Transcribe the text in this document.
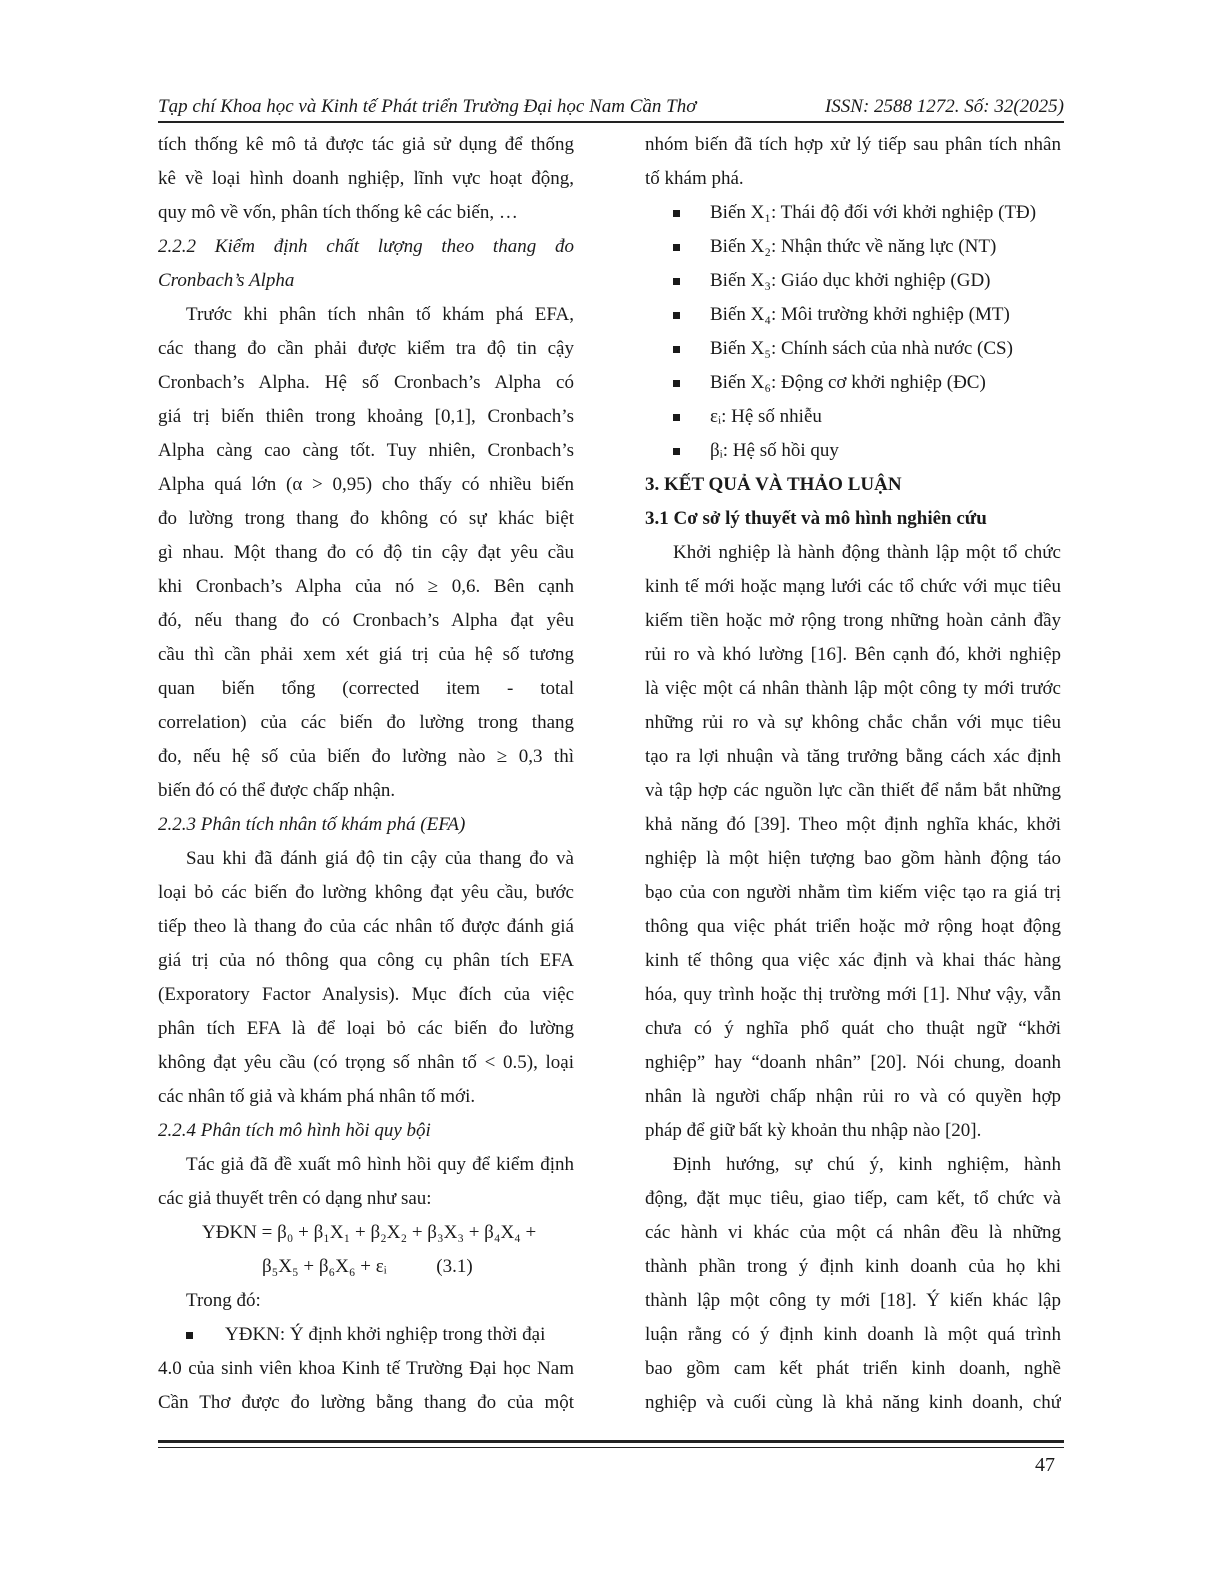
Tạp chí Khoa học và Kinh tế Phát triển Trường Đại học Nam Cần Thơ	ISSN: 2588 1272. Số: 32(2025)
tích thống kê mô tả được tác giả sử dụng để thống
kê về loại hình doanh nghiệp, lĩnh vực hoạt động,
quy mô về vốn, phân tích thống kê các biến, …
2.2.2 Kiểm định chất lượng theo thang đo
Cronbach’s Alpha
Trước khi phân tích nhân tố khám phá EFA,
các thang đo cần phải được kiểm tra độ tin cậy
Cronbach’s Alpha. Hệ số Cronbach’s Alpha có
giá trị biến thiên trong khoảng [0,1], Cronbach’s
Alpha càng cao càng tốt. Tuy nhiên, Cronbach’s
Alpha quá lớn (α > 0,95) cho thấy có nhiều biến
đo lường trong thang đo không có sự khác biệt
gì nhau. Một thang đo có độ tin cậy đạt yêu cầu
khi Cronbach’s Alpha của nó ≥ 0,6. Bên cạnh
đó, nếu thang đo có Cronbach’s Alpha đạt yêu
cầu thì cần phải xem xét giá trị của hệ số tương
quan biến tổng (corrected item - total
correlation) của các biến đo lường trong thang
đo, nếu hệ số của biến đo lường nào ≥ 0,3 thì
biến đó có thể được chấp nhận.
2.2.3 Phân tích nhân tố khám phá (EFA)
Sau khi đã đánh giá độ tin cậy của thang đo và
loại bỏ các biến đo lường không đạt yêu cầu, bước
tiếp theo là thang đo của các nhân tố được đánh giá
giá trị của nó thông qua công cụ phân tích EFA
(Exporatory Factor Analysis). Mục đích của việc
phân tích EFA là để loại bỏ các biến đo lường
không đạt yêu cầu (có trọng số nhân tố < 0.5), loại
các nhân tố giả và khám phá nhân tố mới.
2.2.4 Phân tích mô hình hồi quy bội
Tác giả đã đề xuất mô hình hồi quy để kiểm định
các giả thuyết trên có dạng như sau:
YĐKN = β₀ + β₁X₁ + β₂X₂ + β₃X₃ + β₄X₄ +
β₅X₅ + β₆X₆ + εᵢ	(3.1)
Trong đó:
YĐKN: Ý định khởi nghiệp trong thời đại
4.0 của sinh viên khoa Kinh tế Trường Đại học Nam
Cần Thơ được đo lường bằng thang đo của một
nhóm biến đã tích hợp xử lý tiếp sau phân tích nhân
tố khám phá.
Biến X₁: Thái độ đối với khởi nghiệp (TĐ)
Biến X₂: Nhận thức về năng lực (NT)
Biến X₃: Giáo dục khởi nghiệp (GD)
Biến X₄: Môi trường khởi nghiệp (MT)
Biến X₅: Chính sách của nhà nước (CS)
Biến X₆: Động cơ khởi nghiệp (ĐC)
εᵢ: Hệ số nhiễu
βᵢ: Hệ số hồi quy
3. KẾT QUẢ VÀ THẢO LUẬN
3.1 Cơ sở lý thuyết và mô hình nghiên cứu
Khởi nghiệp là hành động thành lập một tổ chức
kinh tế mới hoặc mạng lưới các tổ chức với mục tiêu
kiếm tiền hoặc mở rộng trong những hoàn cảnh đầy
rủi ro và khó lường [16]. Bên cạnh đó, khởi nghiệp
là việc một cá nhân thành lập một công ty mới trước
những rủi ro và sự không chắc chắn với mục tiêu
tạo ra lợi nhuận và tăng trưởng bằng cách xác định
và tập hợp các nguồn lực cần thiết để nắm bắt những
khả năng đó [39]. Theo một định nghĩa khác, khởi
nghiệp là một hiện tượng bao gồm hành động táo
bạo của con người nhằm tìm kiếm việc tạo ra giá trị
thông qua việc phát triển hoặc mở rộng hoạt động
kinh tế thông qua việc xác định và khai thác hàng
hóa, quy trình hoặc thị trường mới [1]. Như vậy, vẫn
chưa có ý nghĩa phổ quát cho thuật ngữ “khởi
nghiệp” hay “doanh nhân” [20]. Nói chung, doanh
nhân là người chấp nhận rủi ro và có quyền hợp
pháp để giữ bất kỳ khoản thu nhập nào [20].
Định hướng, sự chú ý, kinh nghiệm, hành
động, đặt mục tiêu, giao tiếp, cam kết, tổ chức và
các hành vi khác của một cá nhân đều là những
thành phần trong ý định kinh doanh của họ khi
thành lập một công ty mới [18]. Ý kiến khác lập
luận rằng có ý định kinh doanh là một quá trình
bao gồm cam kết phát triển kinh doanh, nghề
nghiệp và cuối cùng là khả năng kinh doanh, chứ
47
